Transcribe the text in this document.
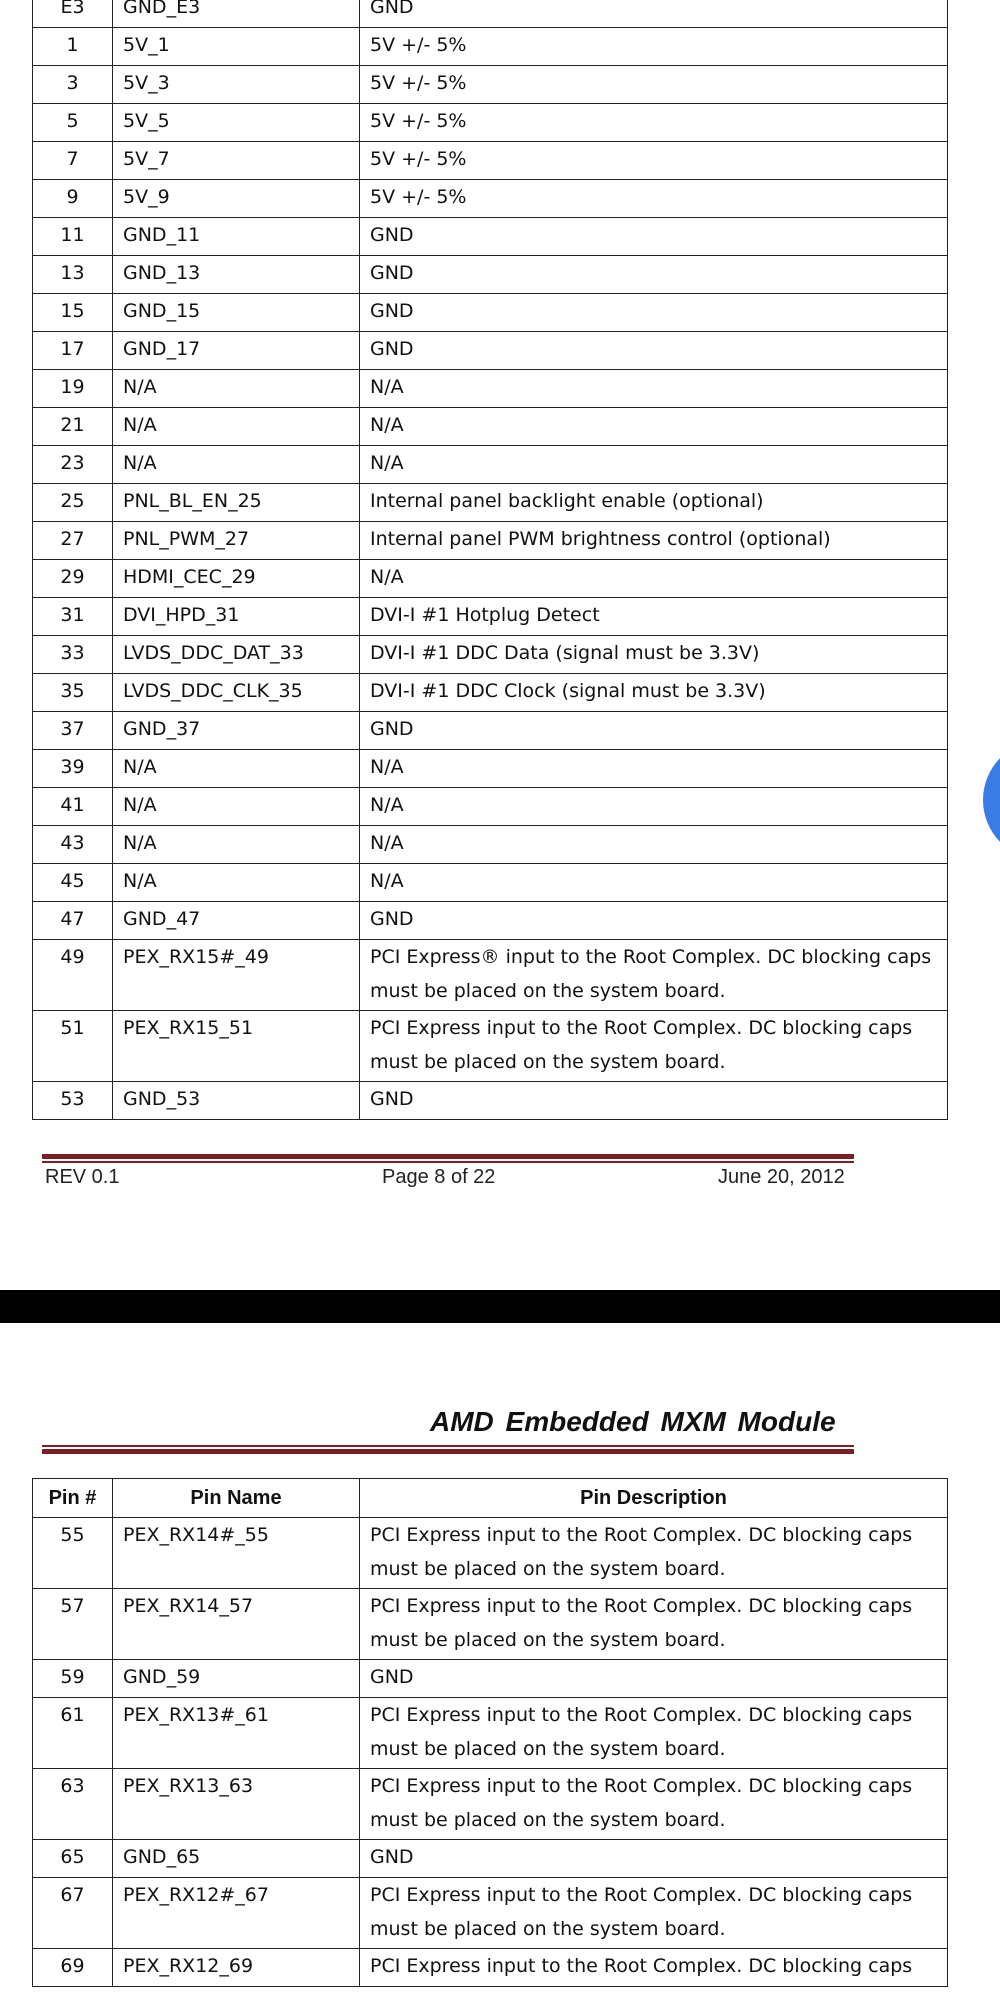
E3	GND_E3	GND
1	5V_1	5V +/- 5%
3	5V_3	5V +/- 5%
5	5V_5	5V +/- 5%
7	5V_7	5V +/- 5%
9	5V_9	5V +/- 5%
11	GND_11	GND
13	GND_13	GND
15	GND_15	GND
17	GND_17	GND
19	N/A	N/A
21	N/A	N/A
23	N/A	N/A
25	PNL_BL_EN_25	Internal panel backlight enable (optional)
27	PNL_PWM_27	Internal panel PWM brightness control (optional)
29	HDMI_CEC_29	N/A
31	DVI_HPD_31	DVI-I #1 Hotplug Detect
33	LVDS_DDC_DAT_33	DVI-I #1 DDC Data (signal must be 3.3V)
35	LVDS_DDC_CLK_35	DVI-I #1 DDC Clock (signal must be 3.3V)
37	GND_37	GND
39	N/A	N/A
41	N/A	N/A
43	N/A	N/A
45	N/A	N/A
47	GND_47	GND
49	PEX_RX15#_49	PCI Express® input to the Root Complex. DC blocking caps must be placed on the system board.
51	PEX_RX15_51	PCI Express input to the Root Complex. DC blocking caps must be placed on the system board.
53	GND_53	GND
REV 0.1	Page 8 of 22	June 20, 2012
AMD Embedded MXM Module
Pin #	Pin Name	Pin Description
55	PEX_RX14#_55	PCI Express input to the Root Complex. DC blocking caps must be placed on the system board.
57	PEX_RX14_57	PCI Express input to the Root Complex. DC blocking caps must be placed on the system board.
59	GND_59	GND
61	PEX_RX13#_61	PCI Express input to the Root Complex. DC blocking caps must be placed on the system board.
63	PEX_RX13_63	PCI Express input to the Root Complex. DC blocking caps must be placed on the system board.
65	GND_65	GND
67	PEX_RX12#_67	PCI Express input to the Root Complex. DC blocking caps must be placed on the system board.
69	PEX_RX12_69	PCI Express input to the Root Complex. DC blocking caps
